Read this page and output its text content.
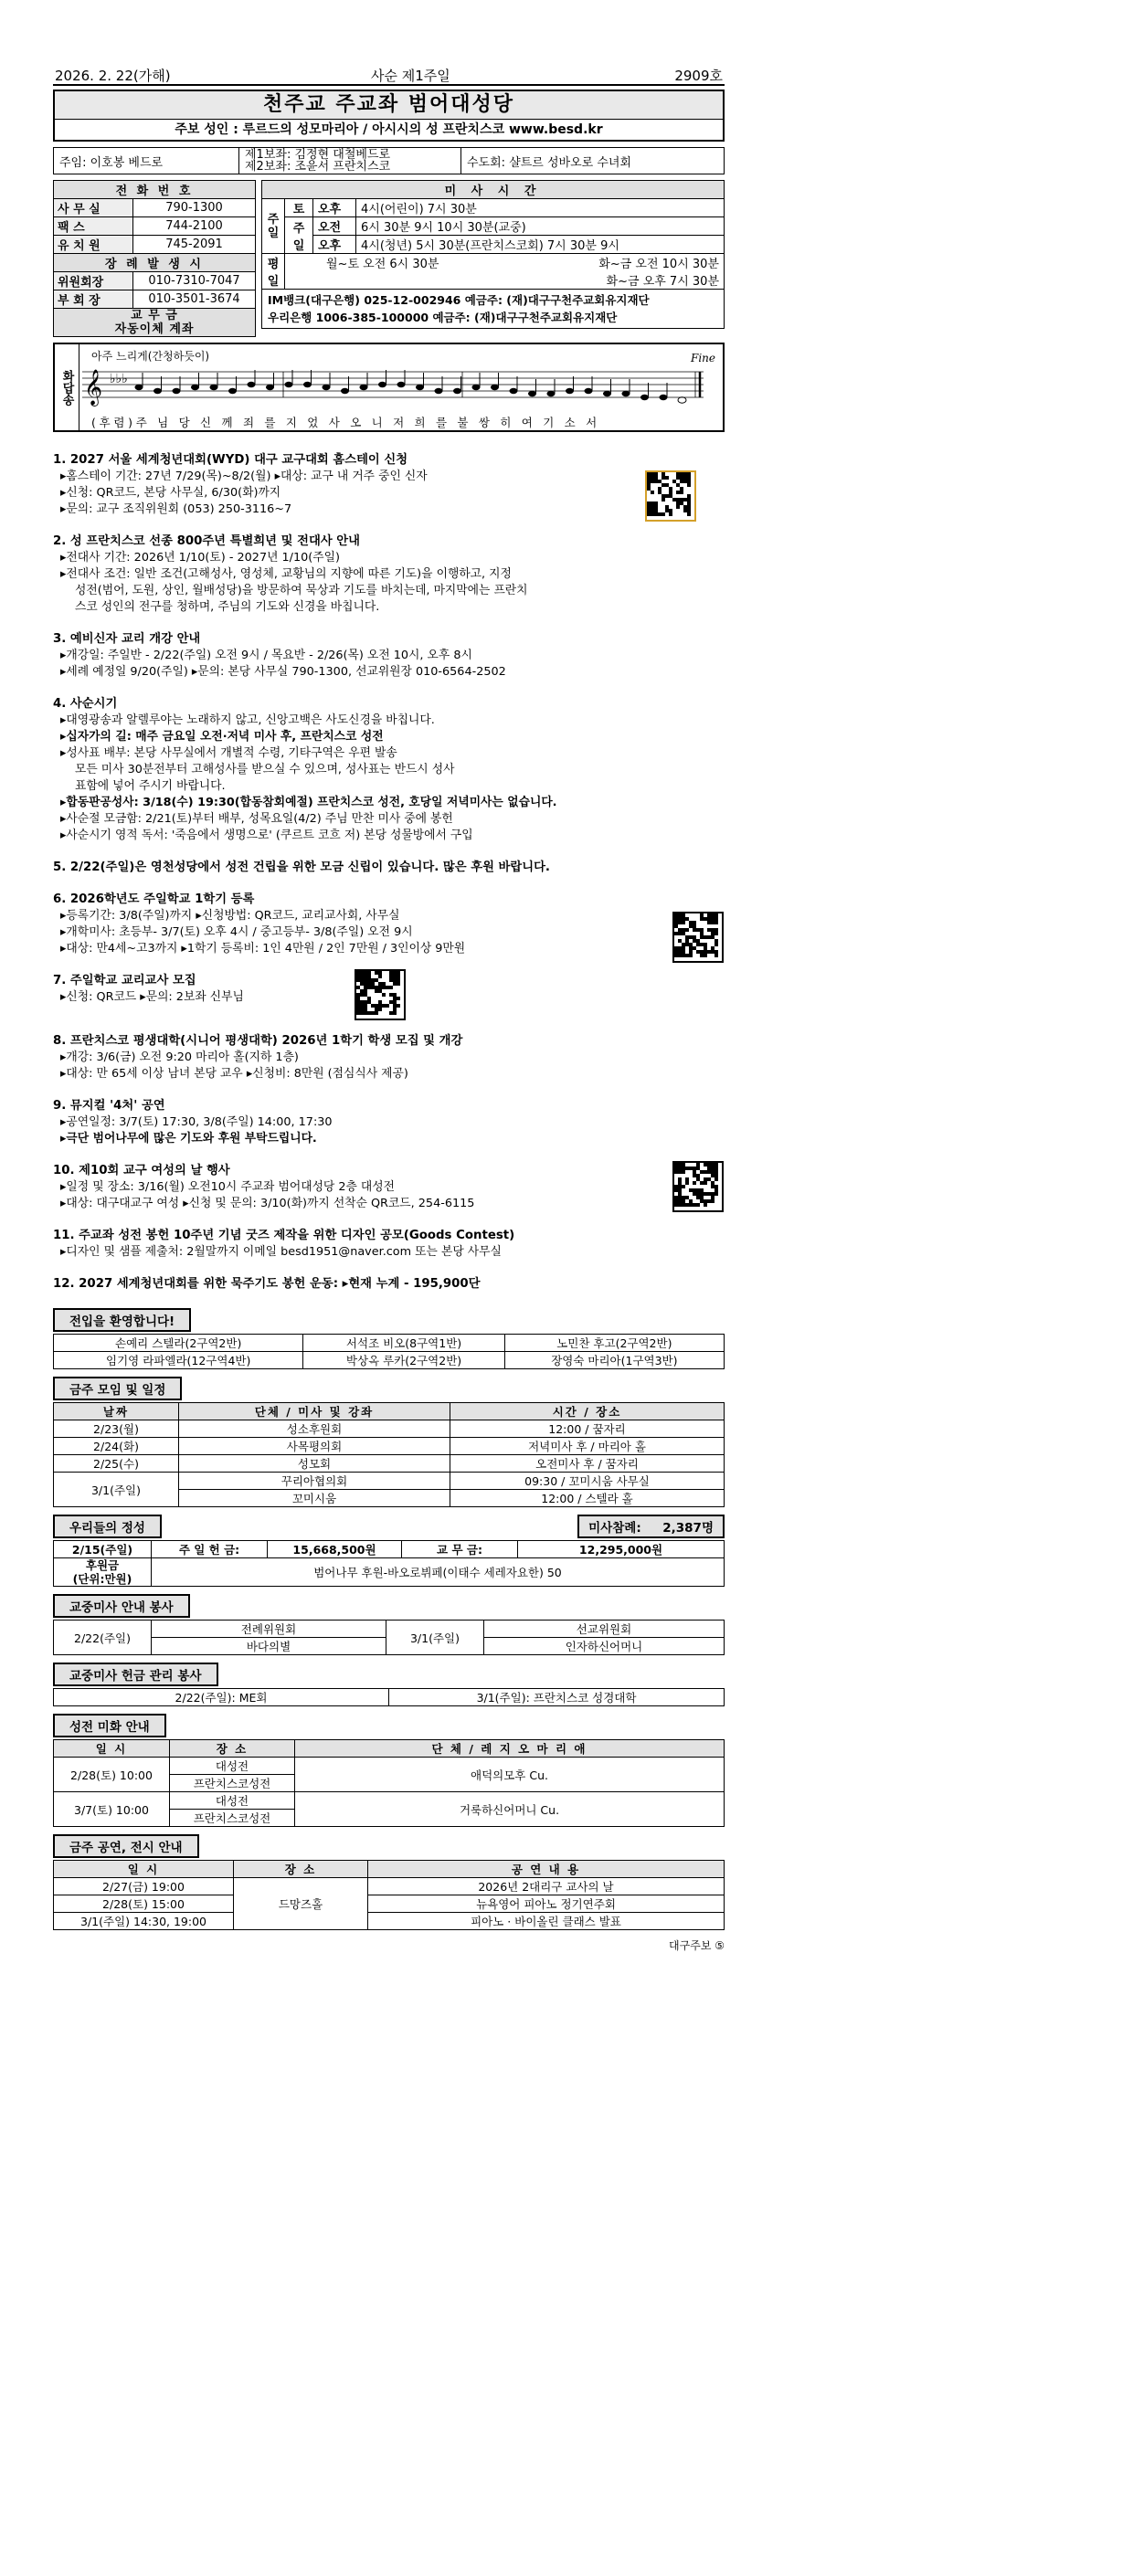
2026. 2. 22(가해)	사순 제1주일	2909호
천주교 주교좌 범어대성당
주보 성인 : 루르드의 성모마리아 / 아시시의 성 프란치스코 www.besd.kr
주임: 이호봉 베드로
제1보좌: 김정현 대철베드로
제2보좌: 조윤서 프란치스코	수도회: 샬트르 성바오로 수녀회
전 화 번 호	
사 무 실	790-1300
팩 스	744-2100
유 치 원	745-2091
장 례 발 생 시	
위원회장	010-7310-7047
부 회 장	010-3501-3674
교 무 금
자동이체 계좌	
미 사 시 간			
주일	토	오후	4시(어린이) 7시 30분
	주일	오전	6시 30분 9시 10시 30분(교중)
		오후	4시(청년) 5시 30분(프란치스코회) 7시 30분 9시
평일	월~토 오전 6시 30분 화~금 오전 10시 30분
화~금 오후 7시 30분		
IM뱅크(대구은행) 025-12-002946 예금주: (재)대구구천주교회유지재단
우리은행 1006-385-100000 예금주: (재)대구구천주교회유지재단
화답송
아주 느리게(간청하듯이)	Fine
𝄞 ♭♭♭
(후렴)주 님 당 신 께 죄 를 지 었 사 오 니 저 희 를 불 쌍 히 여 기 소 서
1. 2027 서울 세계청년대회(WYD) 대구 교구대회 홈스테이 신청
▸홈스테이 기간: 27년 7/29(목)~8/2(월) ▸대상: 교구 내 거주 중인 신자
▸신청: QR코드, 본당 사무실, 6/30(화)까지
▸문의: 교구 조직위원회 (053) 250-3116~7
2. 성 프란치스코 선종 800주년 특별희년 및 전대사 안내
▸전대사 기간: 2026년 1/10(토) - 2027년 1/10(주일)
▸전대사 조건: 일반 조건(고해성사, 영성체, 교황님의 지향에 따른 기도)을 이행하고, 지정
성전(범어, 도원, 상인, 월배성당)을 방문하여 묵상과 기도를 바치는데, 마지막에는 프란치
스코 성인의 전구를 청하며, 주님의 기도와 신경을 바칩니다.
3. 예비신자 교리 개강 안내
▸개강일: 주일반 - 2/22(주일) 오전 9시 / 목요반 - 2/26(목) 오전 10시, 오후 8시
▸세례 예정일 9/20(주일) ▸문의: 본당 사무실 790-1300, 선교위원장 010-6564-2502
4. 사순시기
▸대영광송과 알렐루야는 노래하지 않고, 신앙고백은 사도신경을 바칩니다.
▸십자가의 길: 매주 금요일 오전·저녁 미사 후, 프란치스코 성전
▸성사표 배부: 본당 사무실에서 개별적 수령, 기타구역은 우편 발송
모든 미사 30분전부터 고해성사를 받으실 수 있으며, 성사표는 반드시 성사
표함에 넣어 주시기 바랍니다.
▸합동판공성사: 3/18(수) 19:30(합동참회예절) 프란치스코 성전, 호당일 저녁미사는 없습니다.
▸사순절 모금함: 2/21(토)부터 배부, 성목요일(4/2) 주님 만찬 미사 중에 봉헌
▸사순시기 영적 독서: '죽음에서 생명으로' (쿠르트 코흐 저) 본당 성물방에서 구입
5. 2/22(주일)은 영천성당에서 성전 건립을 위한 모금 신립이 있습니다. 많은 후원 바랍니다.
6. 2026학년도 주일학교 1학기 등록
▸등록기간: 3/8(주일)까지 ▸신청방법: QR코드, 교리교사회, 사무실
▸개학미사: 초등부- 3/7(토) 오후 4시 / 중고등부- 3/8(주일) 오전 9시
▸대상: 만4세~고3까지 ▸1학기 등록비: 1인 4만원 / 2인 7만원 / 3인이상 9만원
7. 주일학교 교리교사 모집
▸신청: QR코드 ▸문의: 2보좌 신부님
8. 프란치스코 평생대학(시니어 평생대학) 2026년 1학기 학생 모집 및 개강
▸개강: 3/6(금) 오전 9:20 마리아 홀(지하 1층)
▸대상: 만 65세 이상 남녀 본당 교우 ▸신청비: 8만원 (점심식사 제공)
9. 뮤지컬 '4처' 공연
▸공연일정: 3/7(토) 17:30, 3/8(주일) 14:00, 17:30
▸극단 범어나무에 많은 기도와 후원 부탁드립니다.
10. 제10회 교구 여성의 날 행사
▸일정 및 장소: 3/16(월) 오전10시 주교좌 범어대성당 2층 대성전
▸대상: 대구대교구 여성 ▸신청 및 문의: 3/10(화)까지 선착순 QR코드, 254-6115
11. 주교좌 성전 봉헌 10주년 기념 굿즈 제작을 위한 디자인 공모(Goods Contest)
▸디자인 및 샘플 제출처: 2월말까지 이메일 besd1951@naver.com 또는 본당 사무실
12. 2027 세계청년대회를 위한 묵주기도 봉헌 운동: ▸현재 누계 - 195,900단
전입을 환영합니다!
손예리 스텔라(2구역2반)	서석조 비오(8구역1반)	노민찬 후고(2구역2반)
임기영 라파엘라(12구역4반)	박상옥 루카(2구역2반)	장영숙 마리아(1구역3반)
금주 모임 및 일정
날짜	단체 / 미사 및 강좌	시간 / 장소
2/23(월)	성소후원회	12:00 / 꿈자리
2/24(화)	사목평의회	저녁미사 후 / 마리아 홀
2/25(수)	성모회	오전미사 후 / 꿈자리
3/1(주일)	꾸리아협의회	09:30 / 꼬미시움 사무실
	꼬미시움	12:00 / 스텔라 홀
우리들의 정성	미사참례: 2,387명
2/15(주일)	주 일 헌 금:	15,668,500원	교 무 금:	12,295,000원
후원금
(단위:만원)	범어나무 후원-바오로뷔페(이태수 세레자요한) 50			
교중미사 안내 봉사
2/22(주일)	전례위원회	3/1(주일)	선교위원회
	바다의별		인자하신어머니
교중미사 헌금 관리 봉사
2/22(주일): ME회	3/1(주일): 프란치스코 성경대학
성전 미화 안내
일 시	장 소	단 체 / 레 지 오 마 리 애
2/28(토) 10:00	대성전	애덕의모후 Cu.
	프란치스코성전	
3/7(토) 10:00	대성전	거룩하신어머니 Cu.
	프란치스코성전	
금주 공연, 전시 안내
일 시	장 소	공 연 내 용
2/27(금) 19:00	드망즈홀	2026년 2대리구 교사의 날
2/28(토) 15:00		뉴욕영어 피아노 정기연주회
3/1(주일) 14:30, 19:00		피아노 · 바이올린 클래스 발표
대구주보 ⑤
